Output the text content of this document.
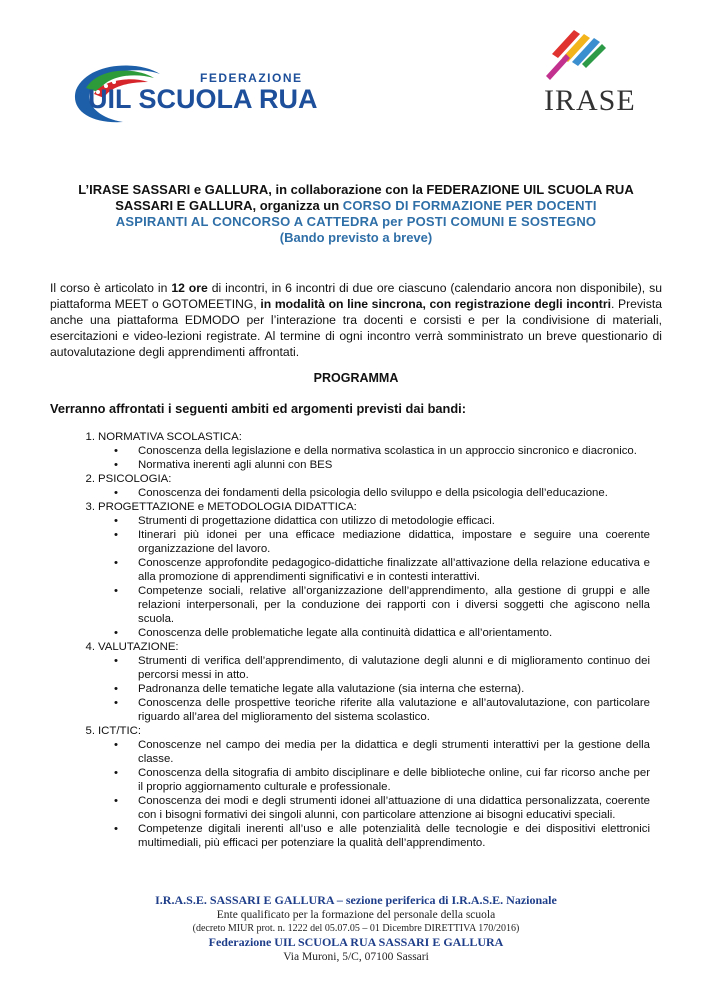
FEDERAZIONE
UIL SCUOLA RUA	IRASE
L’IRASE SASSARI e GALLURA, in collaborazione con la FEDERAZIONE UIL SCUOLA RUA
SASSARI E GALLURA, organizza un CORSO DI FORMAZIONE PER DOCENTI
ASPIRANTI AL CONCORSO A CATTEDRA per POSTI COMUNI E SOSTEGNO
(Bando previsto a breve)
Il corso è articolato in 12 ore di incontri, in 6 incontri di due ore ciascuno (calendario ancora non disponibile), su piattaforma MEET o GOTOMEETING, in modalità on line sincrona, con registrazione degli incontri. Prevista anche una piattaforma EDMODO per l’interazione tra docenti e corsisti e per la condivisione di materiali, esercitazioni e video-lezioni registrate. Al termine di ogni incontro verrà somministrato un breve questionario di autovalutazione degli apprendimenti affrontati.
PROGRAMMA
Verranno affrontati i seguenti ambiti ed argomenti previsti dai bandi:
1. NORMATIVA SCOLASTICA:
• Conoscenza della legislazione e della normativa scolastica in un approccio sincronico e diacronico.
• Normativa inerenti agli alunni con BES
2. PSICOLOGIA:
• Conoscenza dei fondamenti della psicologia dello sviluppo e della psicologia dell’educazione.
3. PROGETTAZIONE e METODOLOGIA DIDATTICA:
• Strumenti di progettazione didattica con utilizzo di metodologie efficaci.
• Itinerari più idonei per una efficace mediazione didattica, impostare e seguire una coerente organizzazione del lavoro.
• Conoscenze approfondite pedagogico-didattiche finalizzate all’attivazione della relazione educativa e alla promozione di apprendimenti significativi e in contesti interattivi.
• Competenze sociali, relative all’organizzazione dell’apprendimento, alla gestione di gruppi e alle relazioni interpersonali, per la conduzione dei rapporti con i diversi soggetti che agiscono nella scuola.
• Conoscenza delle problematiche legate alla continuità didattica e all’orientamento.
4. VALUTAZIONE:
• Strumenti di verifica dell’apprendimento, di valutazione degli alunni e di miglioramento continuo dei percorsi messi in atto.
• Padronanza delle tematiche legate alla valutazione (sia interna che esterna).
• Conoscenza delle prospettive teoriche riferite alla valutazione e all’autovalutazione, con particolare riguardo all’area del miglioramento del sistema scolastico.
5. ICT/TIC:
• Conoscenze nel campo dei media per la didattica e degli strumenti interattivi per la gestione della classe.
• Conoscenza della sitografia di ambito disciplinare e delle biblioteche online, cui far ricorso anche per il proprio aggiornamento culturale e professionale.
• Conoscenza dei modi e degli strumenti idonei all’attuazione di una didattica personalizzata, coerente con i bisogni formativi dei singoli alunni, con particolare attenzione ai bisogni educativi speciali.
• Competenze digitali inerenti all’uso e alle potenzialità delle tecnologie e dei dispositivi elettronici multimediali, più efficaci per potenziare la qualità dell’apprendimento.
I.R.A.S.E. SASSARI E GALLURA – sezione periferica di I.R.A.S.E. Nazionale
Ente qualificato per la formazione del personale della scuola
(decreto MIUR prot. n. 1222 del 05.07.05 – 01 Dicembre DIRETTIVA 170/2016)
Federazione UIL SCUOLA RUA SASSARI E GALLURA
Via Muroni, 5/C, 07100 Sassari
